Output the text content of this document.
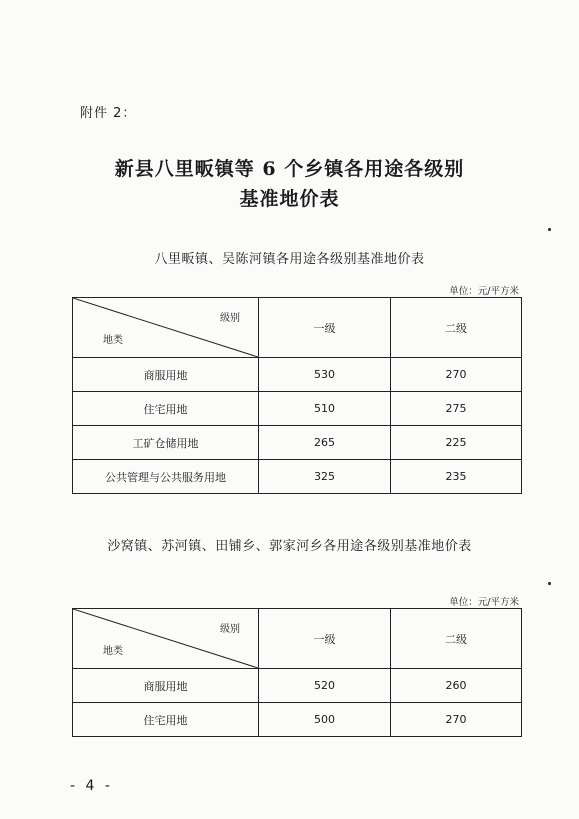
附件 2：
新县八里畈镇等 6 个乡镇各用途各级别
基准地价表
八里畈镇、吴陈河镇各用途各级别基准地价表
单位：元/平方米
级别
地类	一级	二级
商服用地	530	270
住宅用地	510	275
工矿仓储用地	265	225
公共管理与公共服务用地	325	235
沙窝镇、苏河镇、田铺乡、郭家河乡各用途各级别基准地价表
单位：元/平方米
级别
地类	一级	二级
商服用地	520	260
住宅用地	500	270
- 4 -
